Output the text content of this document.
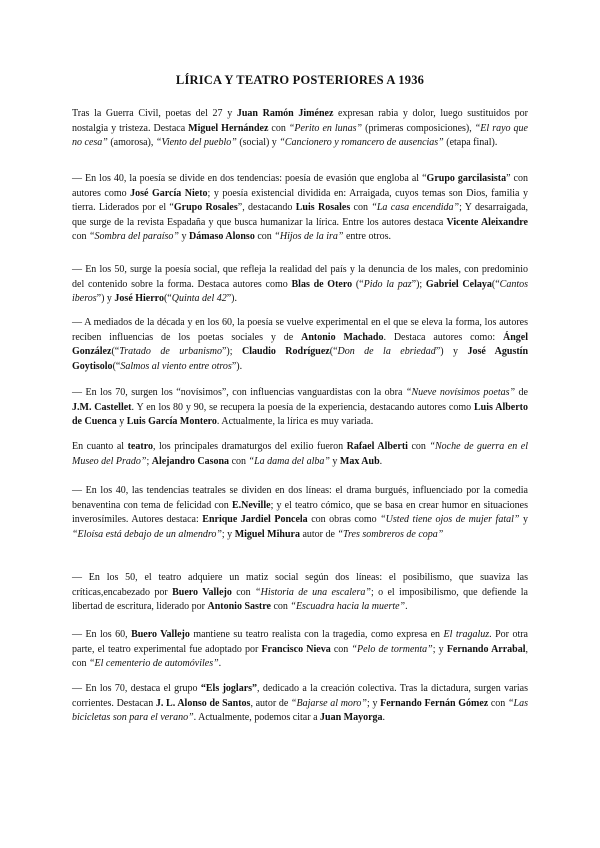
LÍRICA Y TEATRO POSTERIORES A 1936

Tras la Guerra Civil, poetas del 27 y Juan Ramón Jiménez expresan rabia y dolor, luego sustituidos por nostalgia y tristeza. Destaca Miguel Hernández con “Perito en lunas” (primeras composiciones), “El rayo que no cesa” (amorosa), “Viento del pueblo” (social) y “Cancionero y romancero de ausencias” (etapa final).

— En los 40, la poesía se divide en dos tendencias: poesía de evasión que engloba al “Grupo garcilasista” con autores como José García Nieto; y poesía existencial dividida en: Arraigada, cuyos temas son Dios, familia y tierra. Liderados por el “Grupo Rosales”, destacando Luis Rosales con “La casa encendida”; Y desarraigada, que surge de la revista Espadaña y que busca humanizar la lírica. Entre los autores destaca Vicente Aleixandre con “Sombra del paraíso” y Dámaso Alonso con “Hijos de la ira” entre otros.

— En los 50, surge la poesía social, que refleja la realidad del país y la denuncia de los males, con predominio del contenido sobre la forma. Destaca autores como Blas de Otero (“Pido la paz”); Gabriel Celaya(“Cantos iberos”) y José Hierro(“Quinta del 42”).

— A mediados de la década y en los 60, la poesía se vuelve experimental en el que se eleva la forma, los autores reciben influencias de los poetas sociales y de Antonio Machado. Destaca autores como: Ángel González(“Tratado de urbanismo”); Claudio Rodríguez(“Don de la ebriedad”) y José Agustín Goytisolo(“Salmos al viento entre otros”).

— En los 70, surgen los “novísimos”, con influencias vanguardistas con la obra “Nueve novísimos poetas” de J.M. Castellet. Y en los 80 y 90, se recupera la poesía de la experiencia, destacando autores como Luis Alberto de Cuenca y Luis García Montero. Actualmente, la lírica es muy variada.

En cuanto al teatro, los principales dramaturgos del exilio fueron Rafael Alberti con “Noche de guerra en el Museo del Prado”; Alejandro Casona con “La dama del alba” y Max Aub.

— En los 40, las tendencias teatrales se dividen en dos líneas: el drama burgués, influenciado por la comedia benaventina con tema de felicidad con E.Neville; y el teatro cómico, que se basa en crear humor en situaciones inverosímiles. Autores destaca: Enrique Jardiel Poncela con obras como “Usted tiene ojos de mujer fatal” y “Eloísa está debajo de un almendro”; y Miguel Mihura autor de “Tres sombreros de copa”

— En los 50, el teatro adquiere un matiz social según dos líneas: el posibilismo, que suaviza las críticas,encabezado por Buero Vallejo con “Historia de una escalera”; o el imposibilismo, que defiende la libertad de escritura, liderado por Antonio Sastre con “Escuadra hacia la muerte”.

— En los 60, Buero Vallejo mantiene su teatro realista con la tragedia, como expresa en El tragaluz. Por otra parte, el teatro experimental fue adoptado por Francisco Nieva con “Pelo de tormenta”; y Fernando Arrabal, con “El cementerio de automóviles”.

— En los 70, destaca el grupo “Els joglars”, dedicado a la creación colectiva. Tras la dictadura, surgen varias corrientes. Destacan J. L. Alonso de Santos, autor de “Bajarse al moro”; y Fernando Fernán Gómez con “Las bicicletas son para el verano”. Actualmente, podemos citar a Juan Mayorga.
